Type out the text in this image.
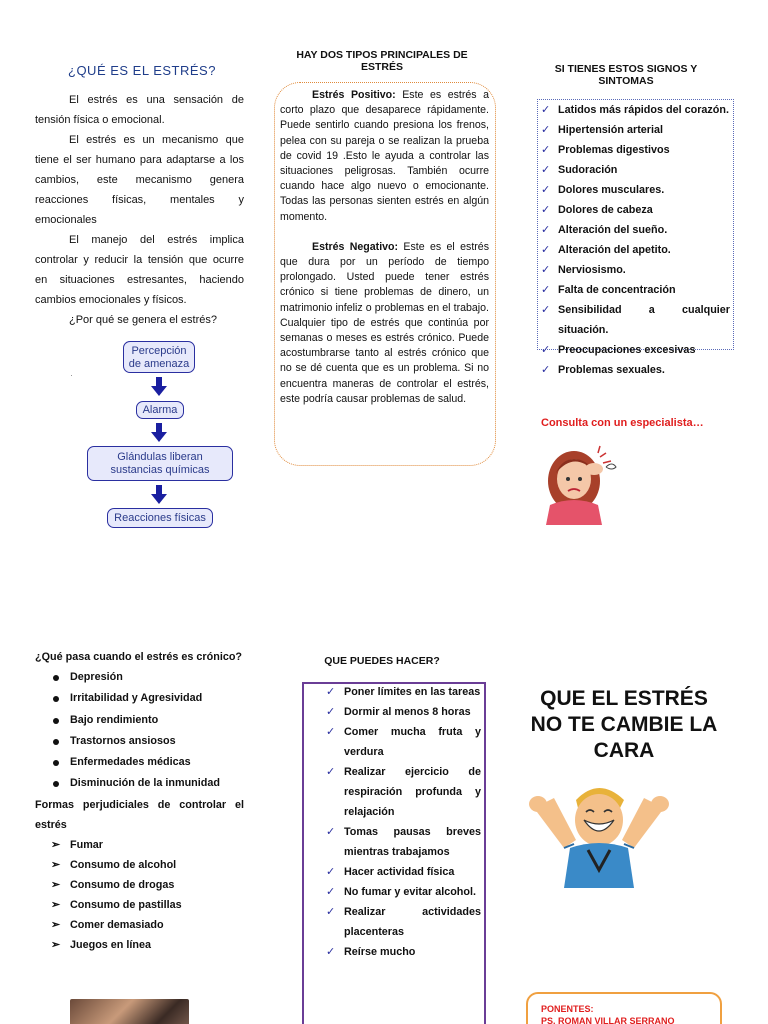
¿QUÉ ES EL ESTRÉS?

El estrés es una sensación de tensión física o emocional.

El estrés es un mecanismo que tiene el ser humano para adaptarse a los cambios, este mecanismo genera reacciones físicas, mentales y emocionales

El manejo del estrés implica controlar y reducir la tensión que ocurre en situaciones estresantes, haciendo cambios emocionales y físicos.

¿Por qué se genera el estrés?

·
Percepción de amenaza
Alarma
Glándulas liberan sustancias químicas
Reacciones físicas
HAY DOS TIPOS PRINCIPALES DE ESTRÉS

Estrés Positivo: Este es estrés a corto plazo que desaparece rápidamente. Puede sentirlo cuando presiona los frenos, pelea con su pareja o se realizan la prueba de covid 19 .Esto le ayuda a controlar las situaciones peligrosas. También ocurre cuando hace algo nuevo o emocionante. Todas las personas sienten estrés en algún momento.

Estrés Negativo: Este es el estrés que dura por un período de tiempo prolongado. Usted puede tener estrés crónico si tiene problemas de dinero, un matrimonio infeliz o problemas en el trabajo. Cualquier tipo de estrés que continúa por semanas o meses es estrés crónico. Puede acostumbrarse tanto al estrés crónico que no se dé cuenta que es un problema. Si no encuentra maneras de controlar el estrés, este podría causar problemas de salud.

SI TIENES ESTOS SIGNOS Y SINTOMAS
✓ Latidos más rápidos del corazón.
✓ Hipertensión arterial
✓ Problemas digestivos
✓ Sudoración
✓ Dolores musculares.
✓ Dolores de cabeza
✓ Alteración del sueño.
✓ Alteración del apetito.
✓ Nerviosismo.
✓ Falta de concentración
✓ Sensibilidad a cualquier situación.
✓ Preocupaciones excesivas
✓ Problemas sexuales.
Consulta con un especialista…
¿Qué pasa cuando el estrés es crónico?
Depresión
Irritabilidad y Agresividad
Bajo rendimiento
Trastornos ansiosos
Enfermedades médicas
Disminución de la inmunidad
Formas perjudiciales de controlar el estrés
➢ Fumar
➢ Consumo de alcohol
➢ Consumo de drogas
➢ Consumo de pastillas
➢ Comer demasiado
➢ Juegos en línea
QUE PUEDES HACER?
✓ Poner límites en las tareas
✓ Dormir al menos 8 horas
✓ Comer mucha fruta y verdura
✓ Realizar ejercicio de respiración profunda y relajación
✓ Tomas pausas breves mientras trabajamos
✓ Hacer actividad física
✓ No fumar y evitar alcohol.
✓ Realizar actividades placenteras
✓ Reírse mucho
QUE EL ESTRÉS NO TE CAMBIE LA CARA
PONENTES:
PS. ROMAN VILLAR SERRANO
